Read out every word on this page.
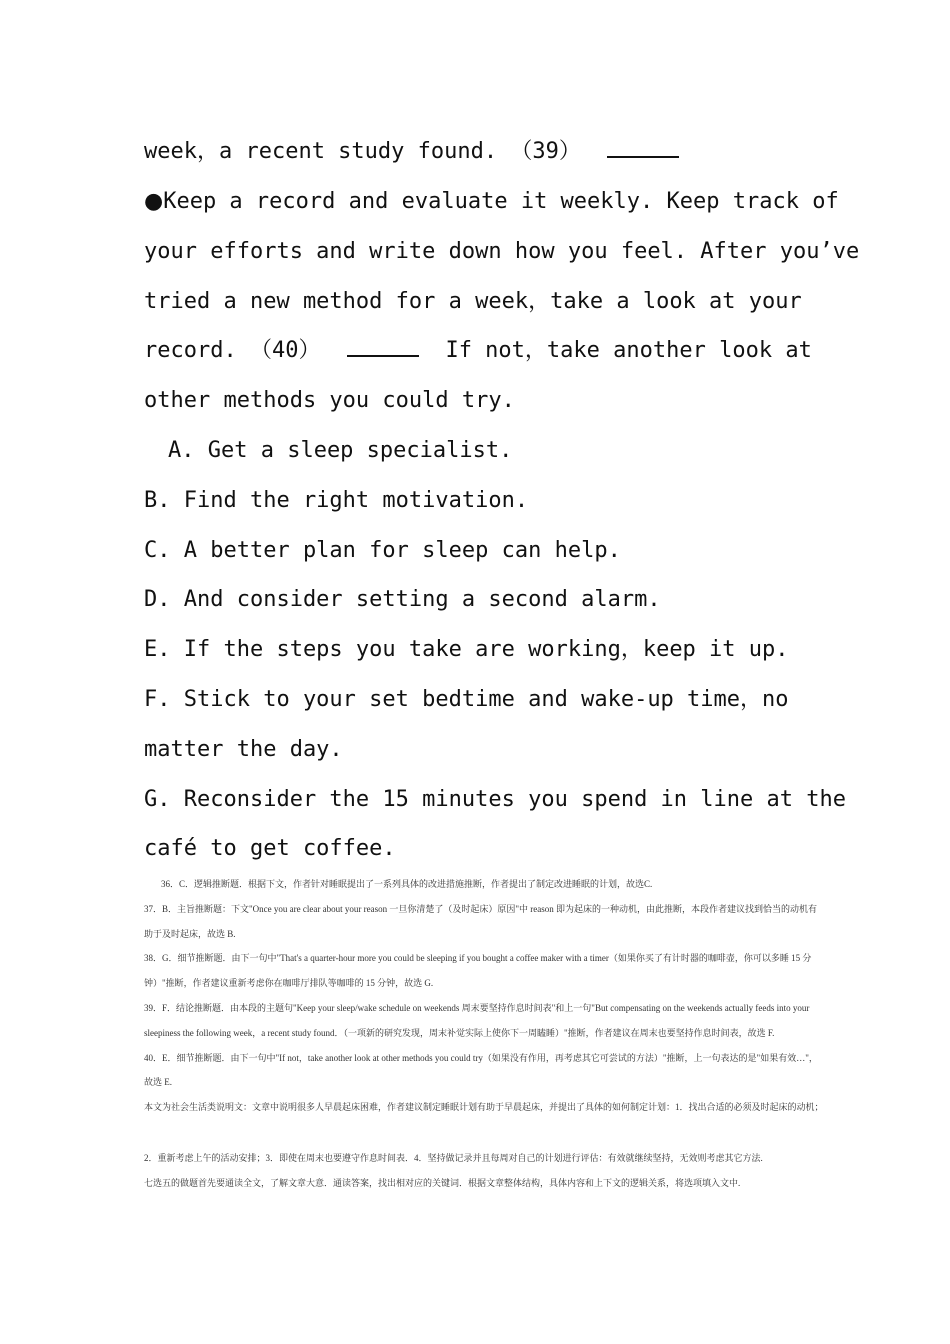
week，a recent study found. （39）
●Keep a record and evaluate it weekly. Keep track of
your efforts and write down how you feel. After you’ve
tried a new method for a week，take a look at your
record. （40）	If not，take another look at
other methods you could try.
A. Get a sleep specialist.
B. Find the right motivation.
C. A better plan for sleep can help.
D. And consider setting a second alarm.
E. If the steps you take are working，keep it up.
F. Stick to your set bedtime and wake-up time，no
matter the day.
G. Reconsider the 15 minutes you spend in line at the
café to get coffee.
36．C．逻辑推断题．根据下文，作者针对睡眠提出了一系列具体的改进措施推断，作者提出了制定改进睡眠的计划，故选C.
37．B．主旨推断题：下文"Once you are clear about your reason 一旦你清楚了（及时起床）原因"中 reason 即为起床的一种动机，由此推断，本段作者建议找到恰当的动机有
助于及时起床，故选 B.
38．G．细节推断题．由下一句中"That's a quarter-hour more you could be sleeping if you bought a coffee maker with a timer（如果你买了有计时器的咖啡壶，你可以多睡 15 分
钟）"推断，作者建议重新考虑你在咖啡厅排队等咖啡的 15 分钟，故选 G.
39．F．结论推断题．由本段的主题句"Keep your sleep/wake schedule on weekends 周末要坚持作息时间表"和上一句"But compensating on the weekends actually feeds into your
sleepiness the following week，a recent study found．（一项新的研究发现，周末补觉实际上使你下一周瞌睡）"推断，作者建议在周末也要坚持作息时间表，故选 F.
40．E．细节推断题．由下一句中"If not，take another look at other methods you could try（如果没有作用，再考虑其它可尝试的方法）"推断，上一句表达的是"如果有效…"，
故选 E.
本文为社会生活类说明文：文章中说明很多人早晨起床困难，作者建议制定睡眠计划有助于早晨起床，并提出了具体的如何制定计划：1．找出合适的必须及时起床的动机；
2．重新考虑上午的活动安排；3．即使在周末也要遵守作息时间表．4．坚持做记录并且每周对自己的计划进行评估：有效就继续坚持，无效则考虑其它方法.
七选五的做题首先要通读全文，了解文章大意．通读答案，找出相对应的关键词．根据文章整体结构，具体内容和上下文的逻辑关系，将选项填入文中.
